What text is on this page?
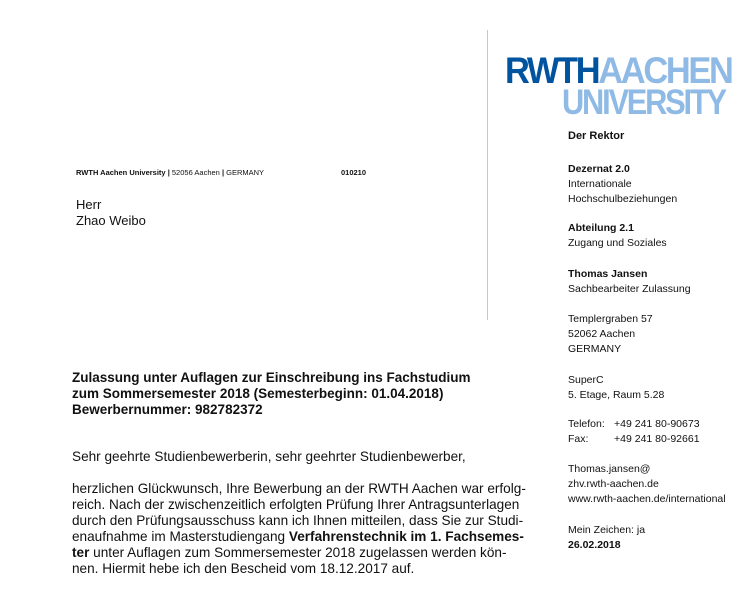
RWTH Aachen University | 52056 Aachen | GERMANY	010210
Herr
Zhao Weibo
RWTHAACHEN
UNIVERSITY
Der Rektor
Dezernat 2.0
Internationale
Hochschulbeziehungen
Abteilung 2.1
Zugang und Soziales
Thomas Jansen
Sachbearbeiter Zulassung
Templergraben 57
52062 Aachen
GERMANY
SuperC
5. Etage, Raum 5.28
Telefon: +49 241 80-90673
Fax: +49 241 80-92661
Thomas.jansen@
zhv.rwth-aachen.de
www.rwth-aachen.de/international
Mein Zeichen: ja
26.02.2018
Zulassung unter Auflagen zur Einschreibung ins Fachstudium
zum Sommersemester 2018 (Semesterbeginn: 01.04.2018)
Bewerbernummer: 982782372
Sehr geehrte Studienbewerberin, sehr geehrter Studienbewerber,
herzlichen Glückwunsch, Ihre Bewerbung an der RWTH Aachen war erfolg-
reich. Nach der zwischenzeitlich erfolgten Prüfung Ihrer Antragsunterlagen
durch den Prüfungsausschuss kann ich Ihnen mitteilen, dass Sie zur Studi-
enaufnahme im Masterstudiengang Verfahrenstechnik im 1. Fachsemes-
ter unter Auflagen zum Sommersemester 2018 zugelassen werden kön-
nen. Hiermit hebe ich den Bescheid vom 18.12.2017 auf.
